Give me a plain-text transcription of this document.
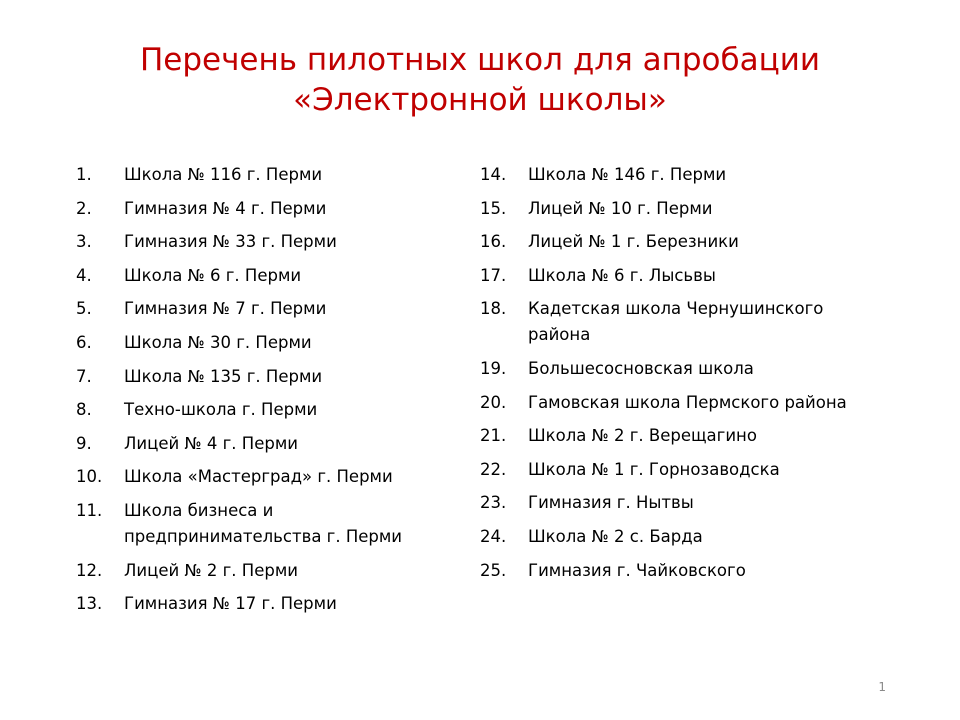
Перечень пилотных школ для апробации
«Электронной школы»
1.	Школа № 116 г. Перми
2.	Гимназия № 4 г. Перми
3.	Гимназия № 33 г. Перми
4.	Школа № 6 г. Перми
5.	Гимназия № 7 г. Перми
6.	Школа № 30 г. Перми
7.	Школа № 135 г. Перми
8.	Техно-школа г. Перми
9.	Лицей № 4 г. Перми
10.	Школа «Мастерград» г. Перми
11.	Школа бизнеса и предпринимательства г. Перми
12.	Лицей № 2 г. Перми
13.	Гимназия № 17 г. Перми
14.	Школа № 146 г. Перми
15.	Лицей № 10 г. Перми
16.	Лицей № 1 г. Березники
17.	Школа № 6 г. Лысьвы
18.	Кадетская школа Чернушинского района
19.	Большесосновская школа
20.	Гамовская школа Пермского района
21.	Школа № 2 г. Верещагино
22.	Школа № 1 г. Горнозаводска
23.	Гимназия г. Нытвы
24.	Школа № 2 с. Барда
25.	Гимназия г. Чайковского
1
